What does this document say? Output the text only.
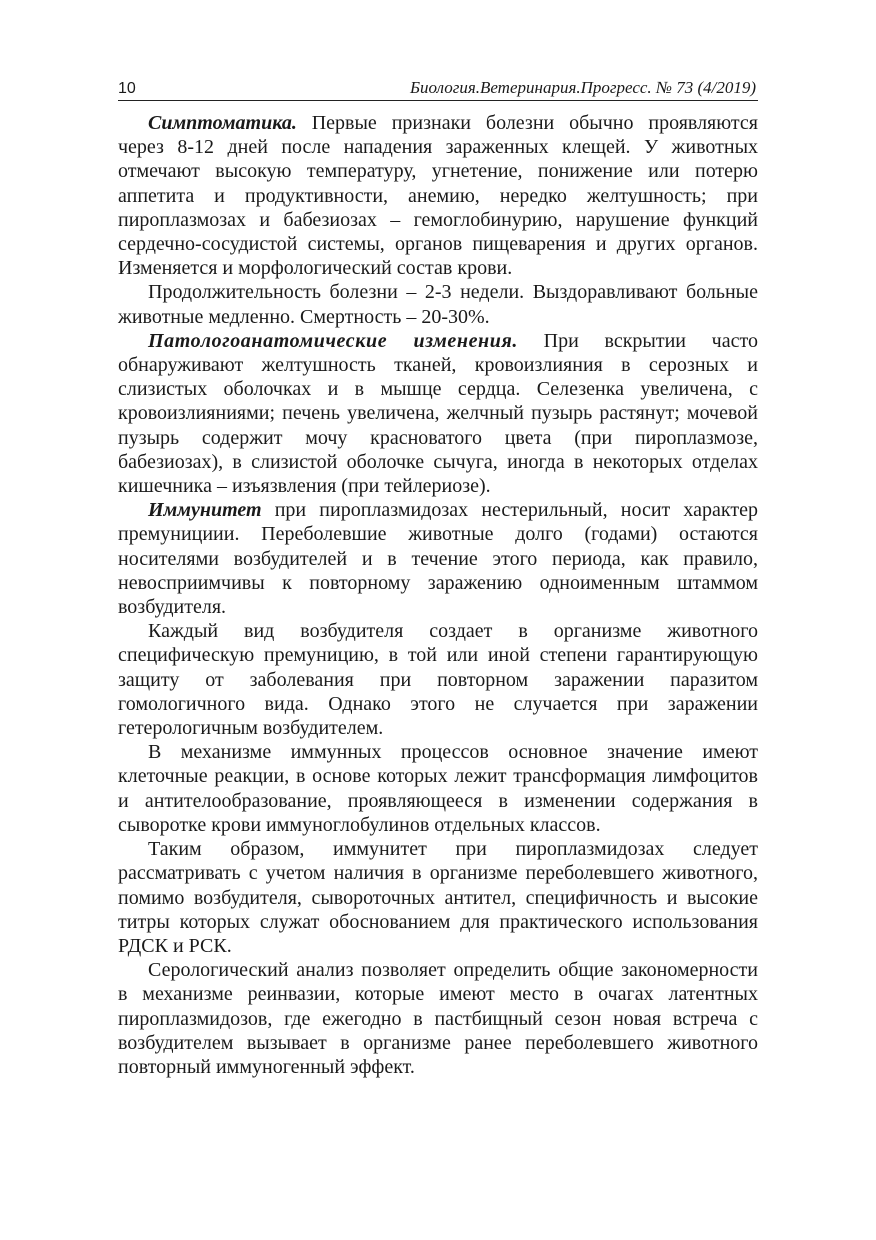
10	Биология.Ветеринария.Прогресс. № 73 (4/2019)

Симптоматика. Первые признаки болезни обычно проявляются через 8-12 дней после нападения зараженных клещей. У животных отмечают высокую температуру, угнетение, понижение или потерю аппетита и продуктивности, анемию, нередко желтушность; при пироплазмозах и бабезиозах – гемоглобинурию, нарушение функций сердечно-сосудистой системы, органов пищеварения и других органов. Изменяется и морфологический состав крови.

Продолжительность болезни – 2-3 недели. Выздоравливают больные животные медленно. Смертность – 20-30%.

Патологоанатомические изменения. При вскрытии часто обнаруживают желтушность тканей, кровоизлияния в серозных и слизистых оболочках и в мышце сердца. Селезенка увеличена, с кровоизлияниями; печень увеличена, желчный пузырь растянут; мочевой пузырь содержит мочу красноватого цвета (при пироплазмозе, бабезиозах), в слизистой оболочке сычуга, иногда в некоторых отделах кишечника – изъязвления (при тейлериозе).

Иммунитет при пироплазмидозах нестерильный, носит характер премунициии. Переболевшие животные долго (годами) остаются носителями возбудителей и в течение этого периода, как правило, невосприимчивы к повторному заражению одноименным штаммом возбудителя.

Каждый вид возбудителя создает в организме животного специфическую премуницию, в той или иной степени гарантирующую защиту от заболевания при повторном заражении паразитом гомологичного вида. Однако этого не случается при заражении гетерологичным возбудителем.

В механизме иммунных процессов основное значение имеют клеточные реакции, в основе которых лежит трансформация лимфоцитов и антителообразование, проявляющееся в изменении содержания в сыворотке крови иммуноглобулинов отдельных классов.

Таким образом, иммунитет при пироплазмидозах следует рассматривать с учетом наличия в организме переболевшего животного, помимо возбудителя, сывороточных антител, специфичность и высокие титры которых служат обоснованием для практического использования РДСК и РСК.

Серологический анализ позволяет определить общие закономерности в механизме реинвазии, которые имеют место в очагах латентных пироплазмидозов, где ежегодно в пастбищный сезон новая встреча с возбудителем вызывает в организме ранее переболевшего животного повторный иммуногенный эффект.
